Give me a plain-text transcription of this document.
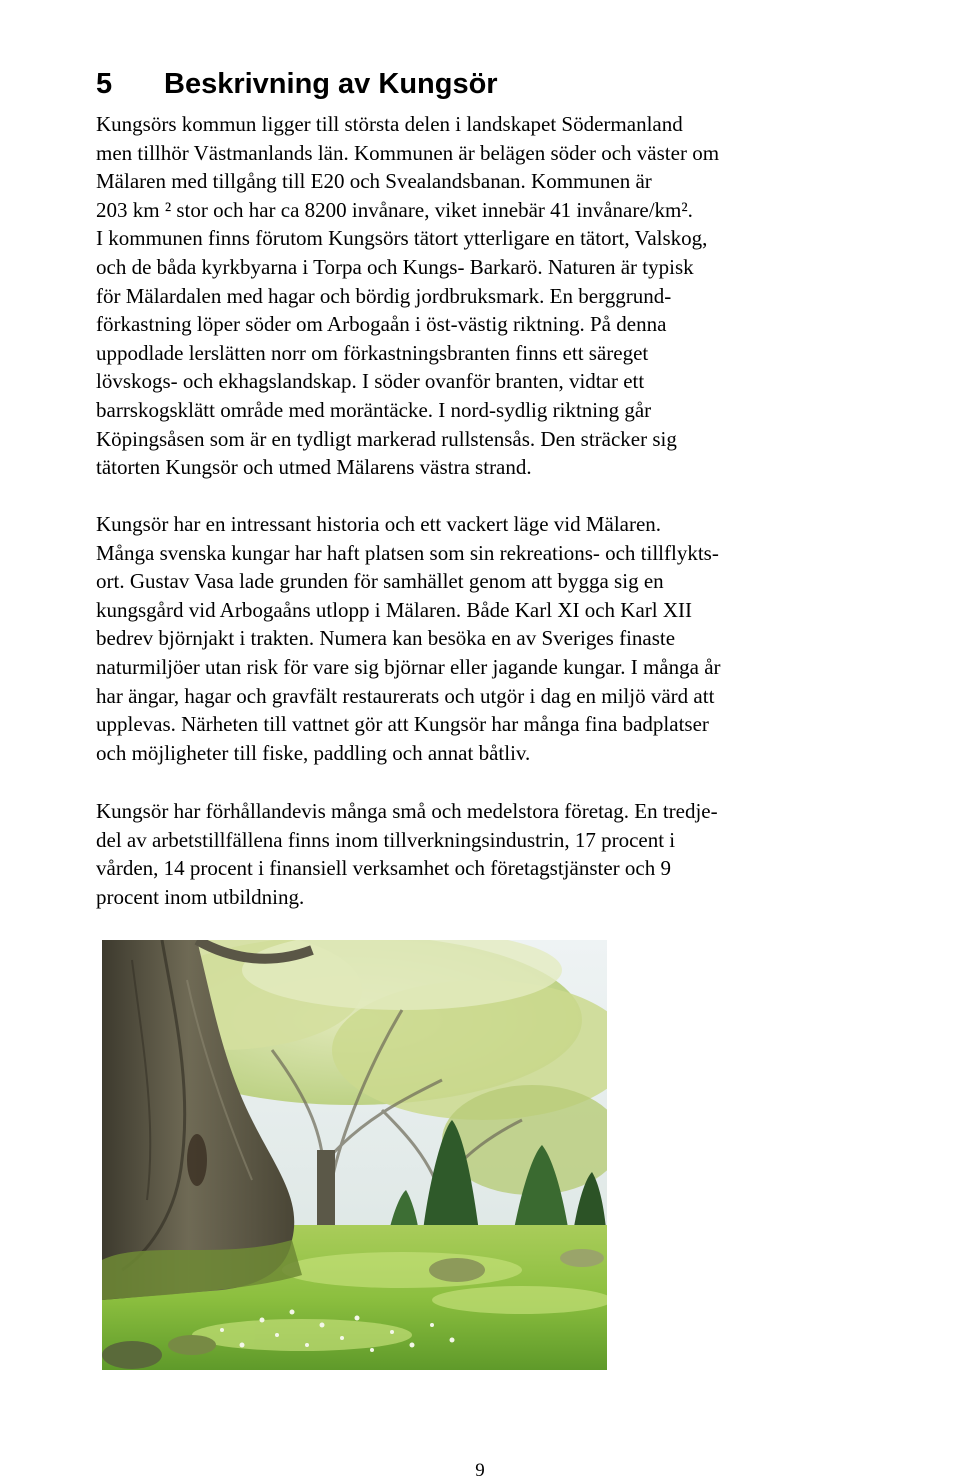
5 Beskrivning av Kungsör

Kungsörs kommun ligger till största delen i landskapet Södermanland
men tillhör Västmanlands län. Kommunen är belägen söder och väster om
Mälaren med tillgång till E20 och Svealandsbanan. Kommunen är
203 km ² stor och har ca 8200 invånare, viket innebär 41 invånare/km².
I kommunen finns förutom Kungsörs tätort ytterligare en tätort, Valskog,
och de båda kyrkbyarna i Torpa och Kungs- Barkarö. Naturen är typisk
för Mälardalen med hagar och bördig jordbruksmark. En berggrund-
förkastning löper söder om Arbogaån i öst-västig riktning. På denna
uppodlade lerslätten norr om förkastningsbranten finns ett säreget
lövskogs- och ekhagslandskap. I söder ovanför branten, vidtar ett
barrskogsklätt område med moräntäcke. I nord-sydlig riktning går
Köpingsåsen som är en tydligt markerad rullstensås. Den sträcker sig
tätorten Kungsör och utmed Mälarens västra strand.

Kungsör har en intressant historia och ett vackert läge vid Mälaren.
Många svenska kungar har haft platsen som sin rekreations- och tillflykts-
ort. Gustav Vasa lade grunden för samhället genom att bygga sig en
kungsgård vid Arbogaåns utlopp i Mälaren. Både Karl XI och Karl XII
bedrev björnjakt i trakten. Numera kan besöka en av Sveriges finaste
naturmiljöer utan risk för vare sig björnar eller jagande kungar. I många år
har ängar, hagar och gravfält restaurerats och utgör i dag en miljö värd att
upplevas. Närheten till vattnet gör att Kungsör har många fina badplatser
och möjligheter till fiske, paddling och annat båtliv.

Kungsör har förhållandevis många små och medelstora företag. En tredje-
del av arbetstillfällena finns inom tillverkningsindustrin, 17 procent i
vården, 14 procent i finansiell verksamhet och företagstjänster och 9
procent inom utbildning.

9
